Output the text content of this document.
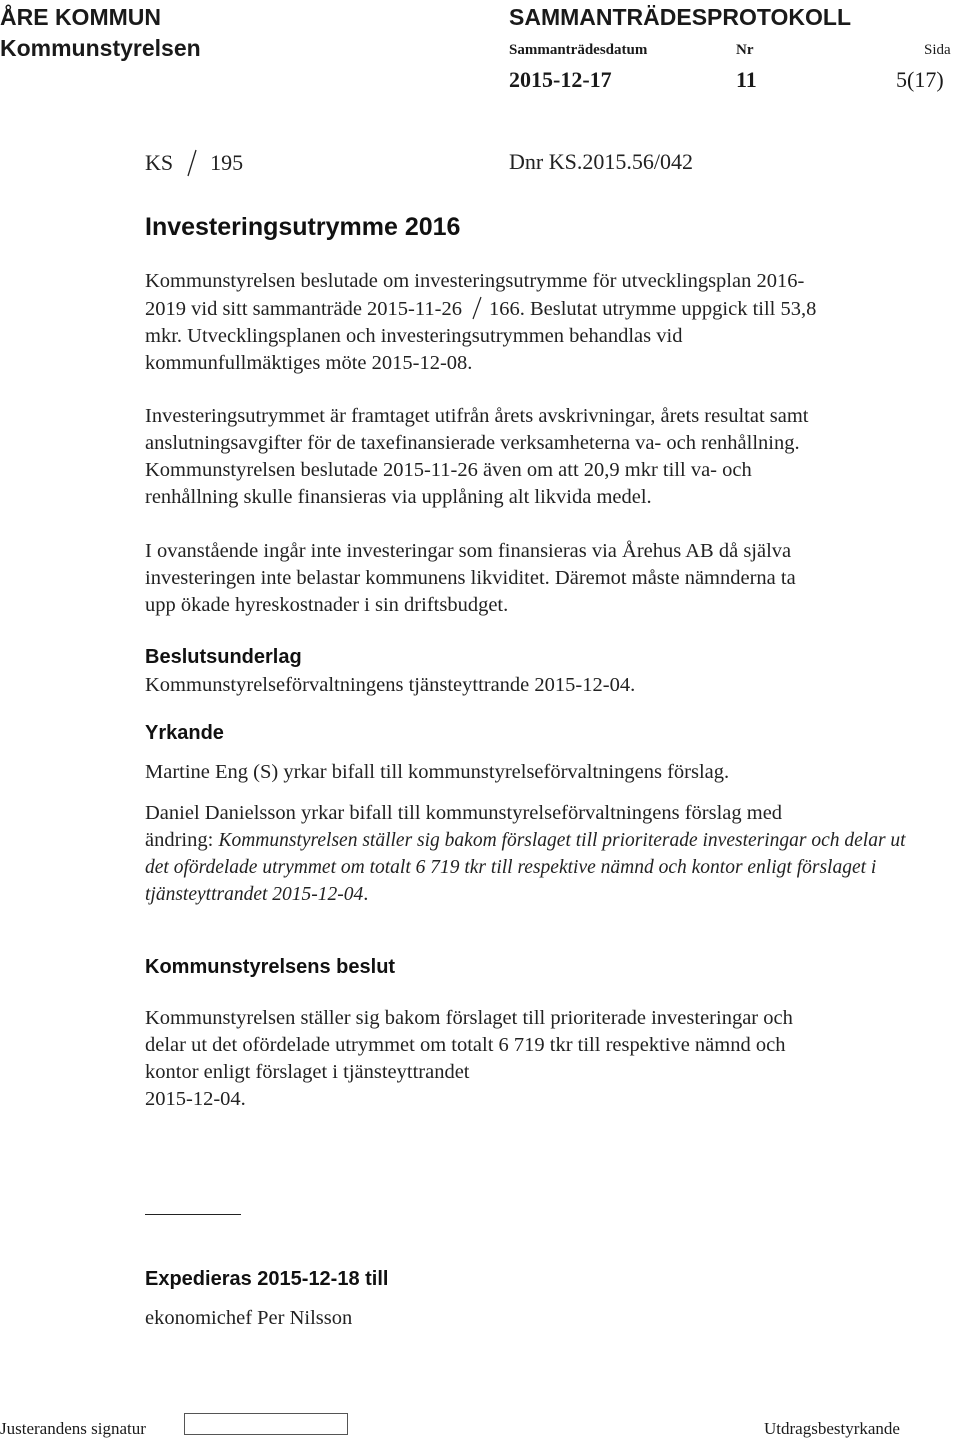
ÅRE KOMMUN
Kommunstyrelsen
SAMMANTRÄDESPROTOKOLL
Sammanträdesdatum	Nr	Sida
2015-12-17	11	5(17)
KS 195	Dnr KS.2015.56/042
Investeringsutrymme 2016
Kommunstyrelsen beslutade om investeringsutrymme för utvecklingsplan 2016-
2019 vid sitt sammanträde 2015-11-26 166. Beslutat utrymme uppgick till 53,8
mkr. Utvecklingsplanen och investeringsutrymmen behandlas vid
kommunfullmäktiges möte 2015-12-08.
Investeringsutrymmet är framtaget utifrån årets avskrivningar, årets resultat samt
anslutningsavgifter för de taxefinansierade verksamheterna va- och renhållning.
Kommunstyrelsen beslutade 2015-11-26 även om att 20,9 mkr till va- och
renhållning skulle finansieras via upplåning alt likvida medel.
I ovanstående ingår inte investeringar som finansieras via Årehus AB då själva
investeringen inte belastar kommunens likviditet. Däremot måste nämnderna ta
upp ökade hyreskostnader i sin driftsbudget.
Beslutsunderlag
Kommunstyrelseförvaltningens tjänsteyttrande 2015-12-04.
Yrkande
Martine Eng (S) yrkar bifall till kommunstyrelseförvaltningens förslag.
Daniel Danielsson yrkar bifall till kommunstyrelseförvaltningens förslag med
ändring: Kommunstyrelsen ställer sig bakom förslaget till prioriterade investeringar och delar ut
det ofördelade utrymmet om totalt 6 719 tkr till respektive nämnd och kontor enligt förslaget i
tjänsteyttrandet 2015-12-04.
Kommunstyrelsens beslut
Kommunstyrelsen ställer sig bakom förslaget till prioriterade investeringar och
delar ut det ofördelade utrymmet om totalt 6 719 tkr till respektive nämnd och
kontor enligt förslaget i tjänsteyttrandet
2015-12-04.
Expedieras 2015-12-18 till
ekonomichef Per Nilsson
Justerandens signatur	Utdragsbestyrkande
